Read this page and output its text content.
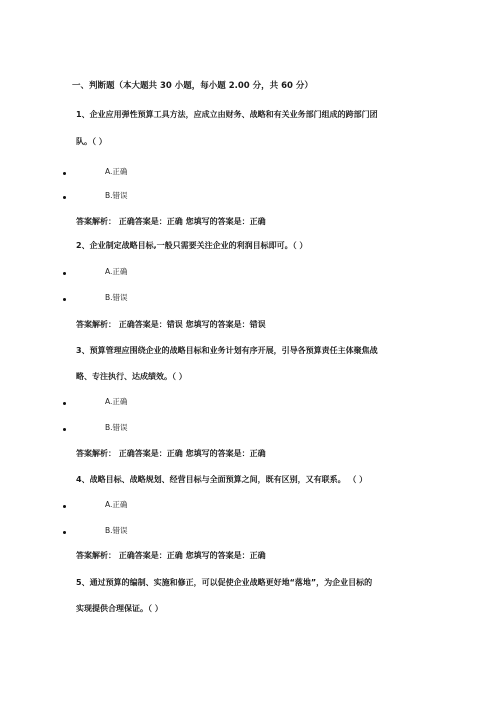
一、判断题（本大题共 30 小题，每小题 2.00 分，共 60 分）
1、企业应用弹性预算工具方法，应成立由财务、战略和有关业务部门组成的跨部门团
队。（ ）
A.正确
B.错误
答案解析： 正确答案是：正确 您填写的答案是：正确
2、企业制定战略目标,一般只需要关注企业的利润目标即可。（ ）
A.正确
B.错误
答案解析： 正确答案是：错误 您填写的答案是：错误
3、预算管理应围绕企业的战略目标和业务计划有序开展，引导各预算责任主体聚焦战
略、专注执行、达成绩效。（ ）
A.正确
B.错误
答案解析： 正确答案是：正确 您填写的答案是：正确
4、战略目标、战略规划、经营目标与全面预算之间，既有区别，又有联系。 （ ）
A.正确
B.错误
答案解析： 正确答案是：正确 您填写的答案是：正确
5、通过预算的编制、实施和修正，可以促使企业战略更好地“落地”，为企业目标的
实现提供合理保证。（ ）
